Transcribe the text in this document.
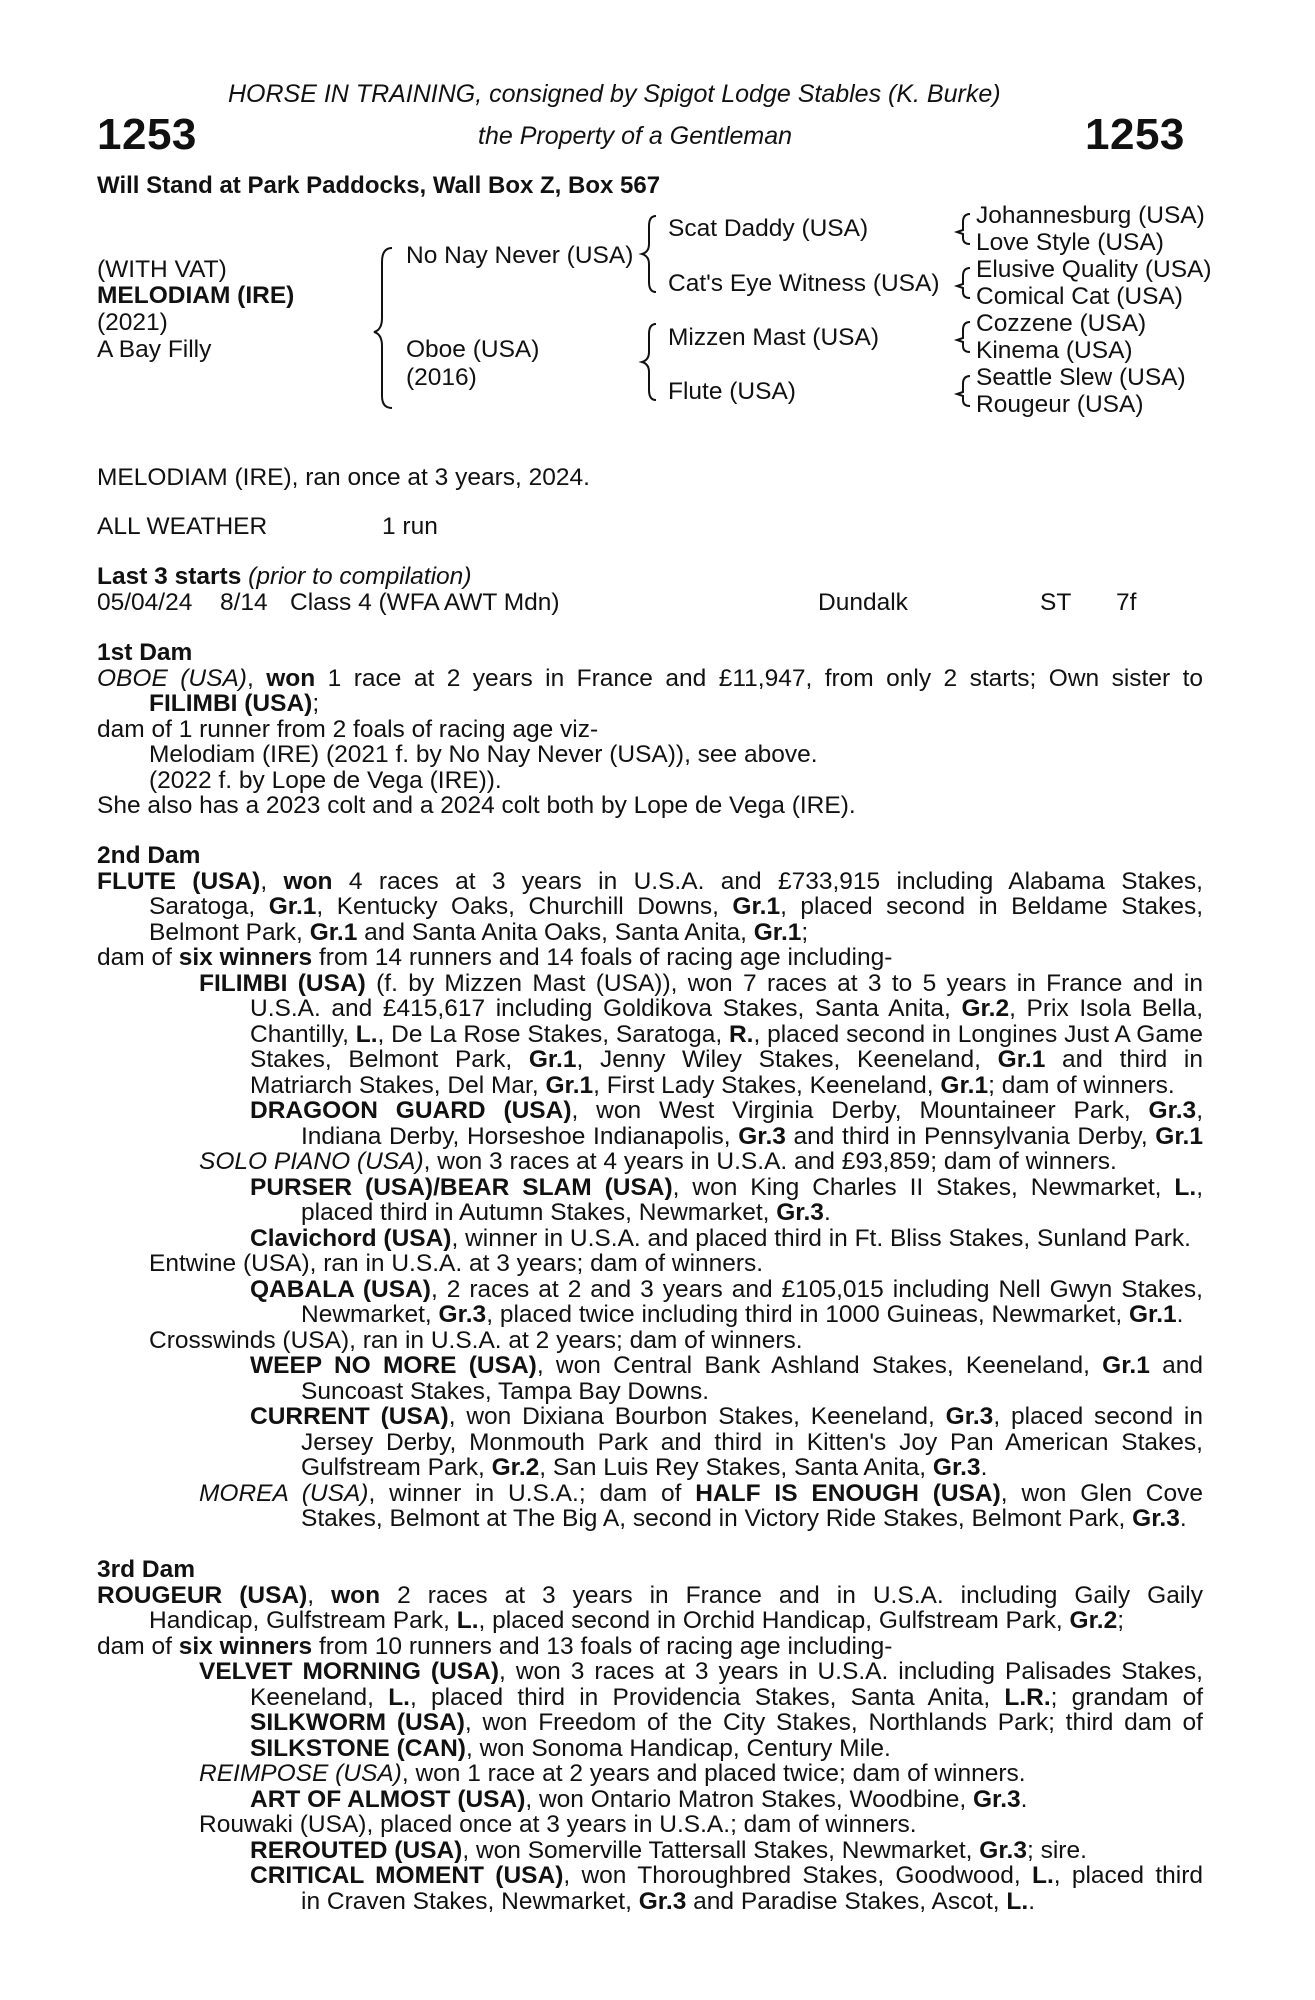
1253	1253
HORSE IN TRAINING, consigned by Spigot Lodge Stables (K. Burke)
the Property of a Gentleman
Will Stand at Park Paddocks, Wall Box Z, Box 567
(WITH VAT)
MELODIAM (IRE)
(2021)
A Bay Filly
No Nay Never (USA)
Oboe (USA)
(2016)
Scat Daddy (USA)
Cat's Eye Witness (USA)
Mizzen Mast (USA)
Flute (USA)
Johannesburg (USA)
Love Style (USA)
Elusive Quality (USA)
Comical Cat (USA)
Cozzene (USA)
Kinema (USA)
Seattle Slew (USA)
Rougeur (USA)
MELODIAM (IRE), ran once at 3 years, 2024.
ALL WEATHER	1 run
Last 3 starts (prior to compilation)
05/04/24 8/14 Class 4 (WFA AWT Mdn)	Dundalk	ST 7f
1st Dam
OBOE (USA), won 1 race at 2 years in France and £11,947, from only 2 starts; Own sister to
FILIMBI (USA);
dam of 1 runner from 2 foals of racing age viz-
Melodiam (IRE) (2021 f. by No Nay Never (USA)), see above.
(2022 f. by Lope de Vega (IRE)).
She also has a 2023 colt and a 2024 colt both by Lope de Vega (IRE).
2nd Dam
FLUTE (USA), won 4 races at 3 years in U.S.A. and £733,915 including Alabama Stakes,
Saratoga, Gr.1, Kentucky Oaks, Churchill Downs, Gr.1, placed second in Beldame Stakes,
Belmont Park, Gr.1 and Santa Anita Oaks, Santa Anita, Gr.1;
dam of six winners from 14 runners and 14 foals of racing age including-
FILIMBI (USA) (f. by Mizzen Mast (USA)), won 7 races at 3 to 5 years in France and in
U.S.A. and £415,617 including Goldikova Stakes, Santa Anita, Gr.2, Prix Isola Bella,
Chantilly, L., De La Rose Stakes, Saratoga, R., placed second in Longines Just A Game
Stakes, Belmont Park, Gr.1, Jenny Wiley Stakes, Keeneland, Gr.1 and third in
Matriarch Stakes, Del Mar, Gr.1, First Lady Stakes, Keeneland, Gr.1; dam of winners.
DRAGOON GUARD (USA), won West Virginia Derby, Mountaineer Park, Gr.3,
Indiana Derby, Horseshoe Indianapolis, Gr.3 and third in Pennsylvania Derby, Gr.1
SOLO PIANO (USA), won 3 races at 4 years in U.S.A. and £93,859; dam of winners.
PURSER (USA)/BEAR SLAM (USA), won King Charles II Stakes, Newmarket, L.,
placed third in Autumn Stakes, Newmarket, Gr.3.
Clavichord (USA), winner in U.S.A. and placed third in Ft. Bliss Stakes, Sunland Park.
Entwine (USA), ran in U.S.A. at 3 years; dam of winners.
QABALA (USA), 2 races at 2 and 3 years and £105,015 including Nell Gwyn Stakes,
Newmarket, Gr.3, placed twice including third in 1000 Guineas, Newmarket, Gr.1.
Crosswinds (USA), ran in U.S.A. at 2 years; dam of winners.
WEEP NO MORE (USA), won Central Bank Ashland Stakes, Keeneland, Gr.1 and
Suncoast Stakes, Tampa Bay Downs.
CURRENT (USA), won Dixiana Bourbon Stakes, Keeneland, Gr.3, placed second in
Jersey Derby, Monmouth Park and third in Kitten's Joy Pan American Stakes,
Gulfstream Park, Gr.2, San Luis Rey Stakes, Santa Anita, Gr.3.
MOREA (USA), winner in U.S.A.; dam of HALF IS ENOUGH (USA), won Glen Cove
Stakes, Belmont at The Big A, second in Victory Ride Stakes, Belmont Park, Gr.3.
3rd Dam
ROUGEUR (USA), won 2 races at 3 years in France and in U.S.A. including Gaily Gaily
Handicap, Gulfstream Park, L., placed second in Orchid Handicap, Gulfstream Park, Gr.2;
dam of six winners from 10 runners and 13 foals of racing age including-
VELVET MORNING (USA), won 3 races at 3 years in U.S.A. including Palisades Stakes,
Keeneland, L., placed third in Providencia Stakes, Santa Anita, L.R.; grandam of
SILKWORM (USA), won Freedom of the City Stakes, Northlands Park; third dam of
SILKSTONE (CAN), won Sonoma Handicap, Century Mile.
REIMPOSE (USA), won 1 race at 2 years and placed twice; dam of winners.
ART OF ALMOST (USA), won Ontario Matron Stakes, Woodbine, Gr.3.
Rouwaki (USA), placed once at 3 years in U.S.A.; dam of winners.
REROUTED (USA), won Somerville Tattersall Stakes, Newmarket, Gr.3; sire.
CRITICAL MOMENT (USA), won Thoroughbred Stakes, Goodwood, L., placed third
in Craven Stakes, Newmarket, Gr.3 and Paradise Stakes, Ascot, L..
